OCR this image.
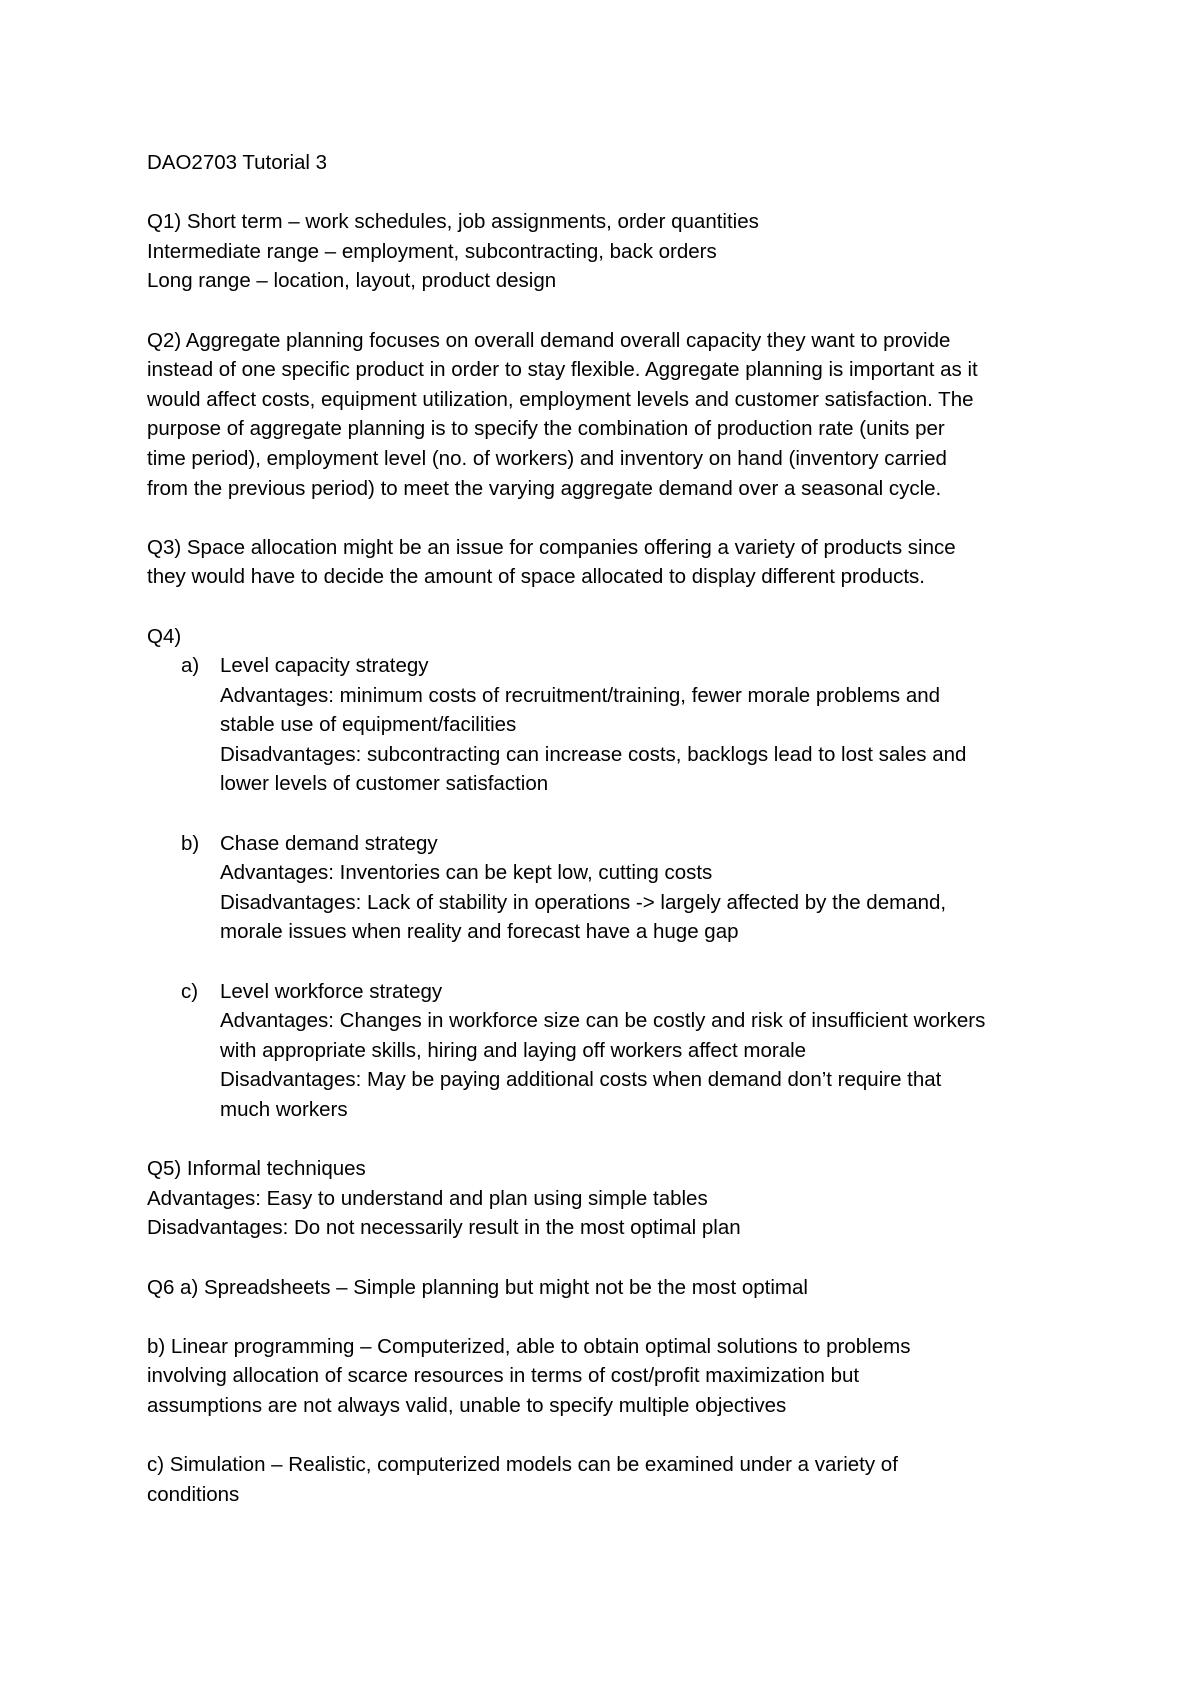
DAO2703 Tutorial 3
Q1) Short term – work schedules, job assignments, order quantities
Intermediate range – employment, subcontracting, back orders
Long range – location, layout, product design
Q2) Aggregate planning focuses on overall demand overall capacity they want to provide
instead of one specific product in order to stay flexible. Aggregate planning is important as it
would affect costs, equipment utilization, employment levels and customer satisfaction. The
purpose of aggregate planning is to specify the combination of production rate (units per
time period), employment level (no. of workers) and inventory on hand (inventory carried
from the previous period) to meet the varying aggregate demand over a seasonal cycle.
Q3) Space allocation might be an issue for companies offering a variety of products since
they would have to decide the amount of space allocated to display different products.
Q4)
a) Level capacity strategy
Advantages: minimum costs of recruitment/training, fewer morale problems and
stable use of equipment/facilities
Disadvantages: subcontracting can increase costs, backlogs lead to lost sales and
lower levels of customer satisfaction
b) Chase demand strategy
Advantages: Inventories can be kept low, cutting costs
Disadvantages: Lack of stability in operations -> largely affected by the demand,
morale issues when reality and forecast have a huge gap
c) Level workforce strategy
Advantages: Changes in workforce size can be costly and risk of insufficient workers
with appropriate skills, hiring and laying off workers affect morale
Disadvantages: May be paying additional costs when demand don’t require that
much workers
Q5) Informal techniques
Advantages: Easy to understand and plan using simple tables
Disadvantages: Do not necessarily result in the most optimal plan
Q6 a) Spreadsheets – Simple planning but might not be the most optimal
b) Linear programming – Computerized, able to obtain optimal solutions to problems
involving allocation of scarce resources in terms of cost/profit maximization but
assumptions are not always valid, unable to specify multiple objectives
c) Simulation – Realistic, computerized models can be examined under a variety of
conditions
